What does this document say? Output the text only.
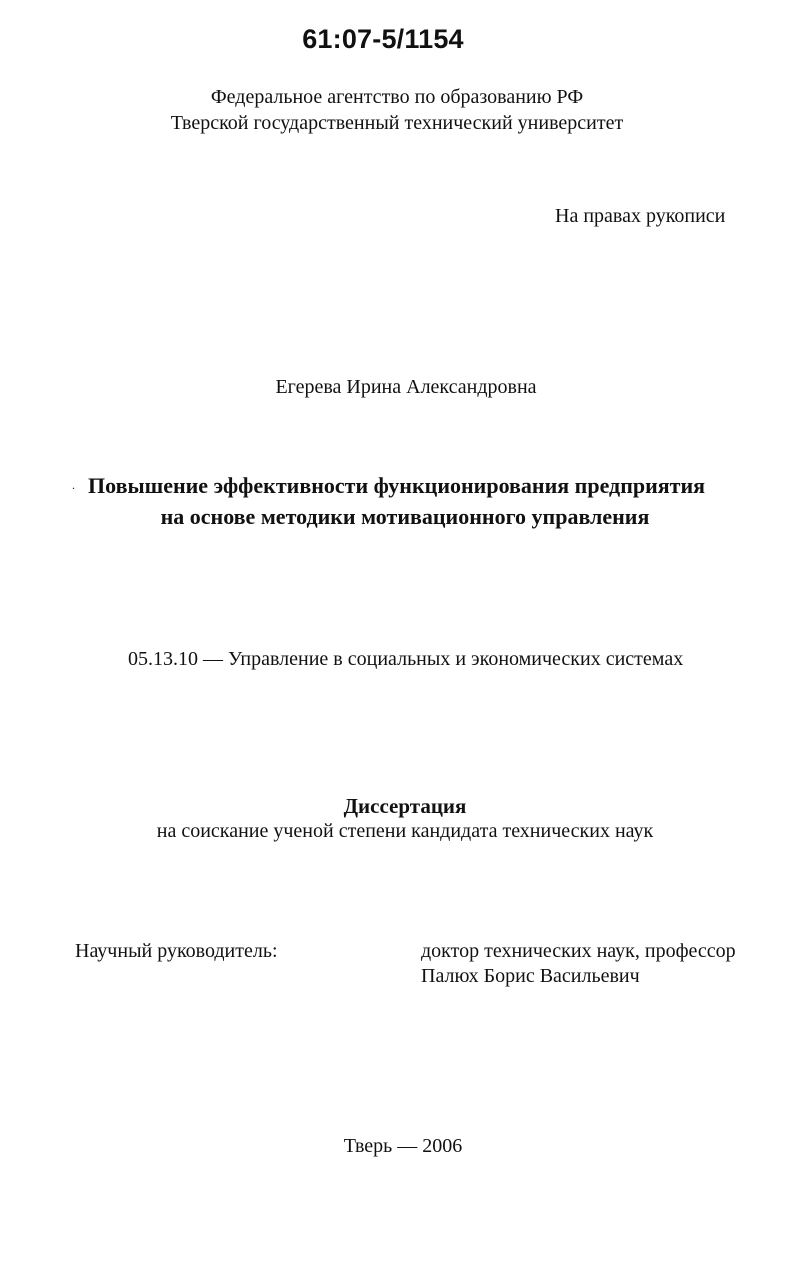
61:07-5/1154
Федеральное агентство по образованию РФ
Тверской государственный технический университет
На правах рукописи
Егерева Ирина Александровна
. Повышение эффективности функционирования предприятия
на основе методики мотивационного управления
05.13.10 — Управление в социальных и экономических системах
Диссертация
на соискание ученой степени кандидата технических наук
Научный руководитель:	доктор технических наук, профессор
Палюх Борис Васильевич
Тверь — 2006
